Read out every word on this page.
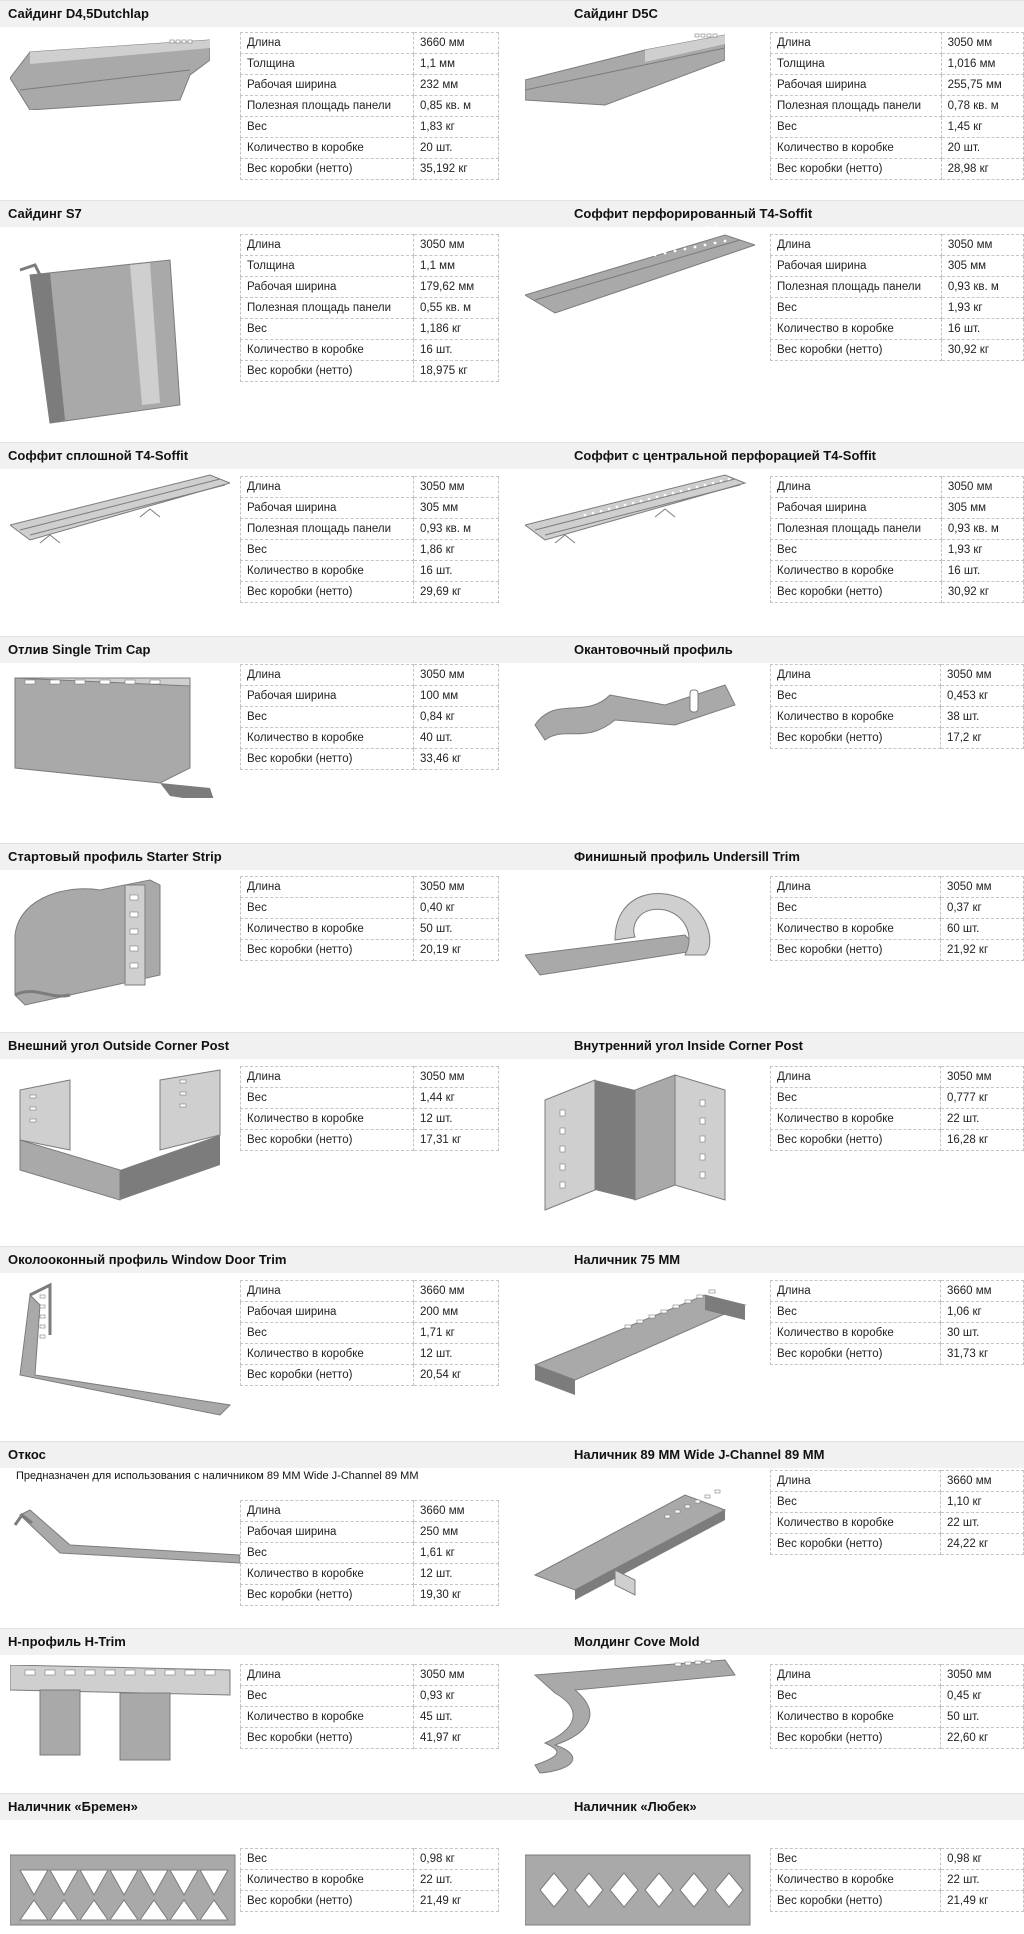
Сайдинг D4,5Dutchlap
Длина	3660 мм
Толщина	1,1 мм
Рабочая ширина	232 мм
Полезная площадь панели	0,85 кв. м
Вес	1,83 кг
Количество в коробке	20 шт.
Вес коробки (нетто)	35,192 кг
Сайдинг D5C
Длина	3050 мм
Толщина	1,016 мм
Рабочая ширина	255,75 мм
Полезная площадь панели	0,78 кв. м
Вес	1,45 кг
Количество в коробке	20 шт.
Вес коробки (нетто)	28,98 кг
Сайдинг S7
Длина	3050 мм
Толщина	1,1 мм
Рабочая ширина	179,62 мм
Полезная площадь панели	0,55 кв. м
Вес	1,186 кг
Количество в коробке	16 шт.
Вес коробки (нетто)	18,975 кг
Соффит перфорированный T4-Soffit
Длина	3050 мм
Рабочая ширина	305 мм
Полезная площадь панели	0,93 кв. м
Вес	1,93 кг
Количество в коробке	16 шт.
Вес коробки (нетто)	30,92 кг
Соффит сплошной T4-Soffit
Длина	3050 мм
Рабочая ширина	305 мм
Полезная площадь панели	0,93 кв. м
Вес	1,86 кг
Количество в коробке	16 шт.
Вес коробки (нетто)	29,69 кг
Соффит с центральной перфорацией T4-Soffit
Длина	3050 мм
Рабочая ширина	305 мм
Полезная площадь панели	0,93 кв. м
Вес	1,93 кг
Количество в коробке	16 шт.
Вес коробки (нетто)	30,92 кг
Отлив Single Trim Cap
Длина	3050 мм
Рабочая ширина	100 мм
Вес	0,84 кг
Количество в коробке	40 шт.
Вес коробки (нетто)	33,46 кг
Окантовочный профиль
Длина	3050 мм
Вес	0,453 кг
Количество в коробке	38 шт.
Вес коробки (нетто)	17,2 кг
Стартовый профиль Starter Strip
Длина	3050 мм
Вес	0,40 кг
Количество в коробке	50 шт.
Вес коробки (нетто)	20,19 кг
Финишный профиль Undersill Trim
Длина	3050 мм
Вес	0,37 кг
Количество в коробке	60 шт.
Вес коробки (нетто)	21,92 кг
Внешний угол Outside Corner Post
Длина	3050 мм
Вес	1,44 кг
Количество в коробке	12 шт.
Вес коробки (нетто)	17,31 кг
Внутренний угол Inside Corner Post
Длина	3050 мм
Вес	0,777 кг
Количество в коробке	22 шт.
Вес коробки (нетто)	16,28 кг
Околооконный профиль Window Door Trim
Длина	3660 мм
Рабочая ширина	200 мм
Вес	1,71 кг
Количество в коробке	12 шт.
Вес коробки (нетто)	20,54 кг
Наличник 75 ММ
Длина	3660 мм
Вес	1,06 кг
Количество в коробке	30 шт.
Вес коробки (нетто)	31,73 кг
Откос
Предназначен для использования с наличником 89 MM Wide J-Channel 89 MM
Длина	3660 мм
Рабочая ширина	250 мм
Вес	1,61 кг
Количество в коробке	12 шт.
Вес коробки (нетто)	19,30 кг
Наличник 89 ММ Wide J-Channel 89 MM
Длина	3660 мм
Вес	1,10 кг
Количество в коробке	22 шт.
Вес коробки (нетто)	24,22 кг
Н-профиль H-Trim
Длина	3050 мм
Вес	0,93 кг
Количество в коробке	45 шт.
Вес коробки (нетто)	41,97 кг
Молдинг Cove Mold
Длина	3050 мм
Вес	0,45 кг
Количество в коробке	50 шт.
Вес коробки (нетто)	22,60 кг
Наличник «Бремен»
Вес	0,98 кг
Количество в коробке	22 шт.
Вес коробки (нетто)	21,49 кг
Наличник «Любек»
Вес	0,98 кг
Количество в коробке	22 шт.
Вес коробки (нетто)	21,49 кг
